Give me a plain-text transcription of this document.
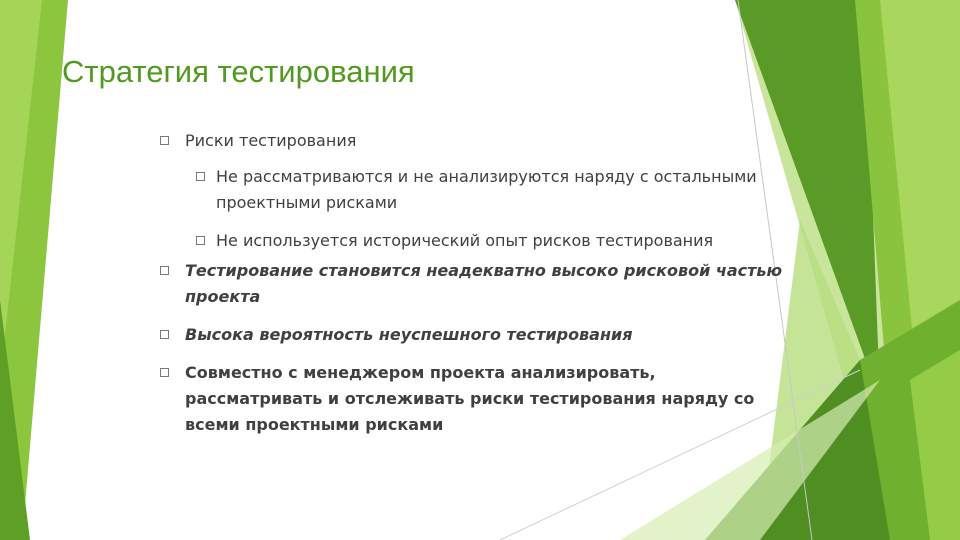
Стратегия тестирования
Риски тестирования
Не рассматриваются и не анализируются наряду с остальными проектными рисками
Не используется исторический опыт рисков тестирования
Тестирование становится неадекватно высоко рисковой частью проекта
Высока вероятность неуспешного тестирования
Совместно с менеджером проекта анализировать, рассматривать и отслеживать риски тестирования наряду со всеми проектными рисками
